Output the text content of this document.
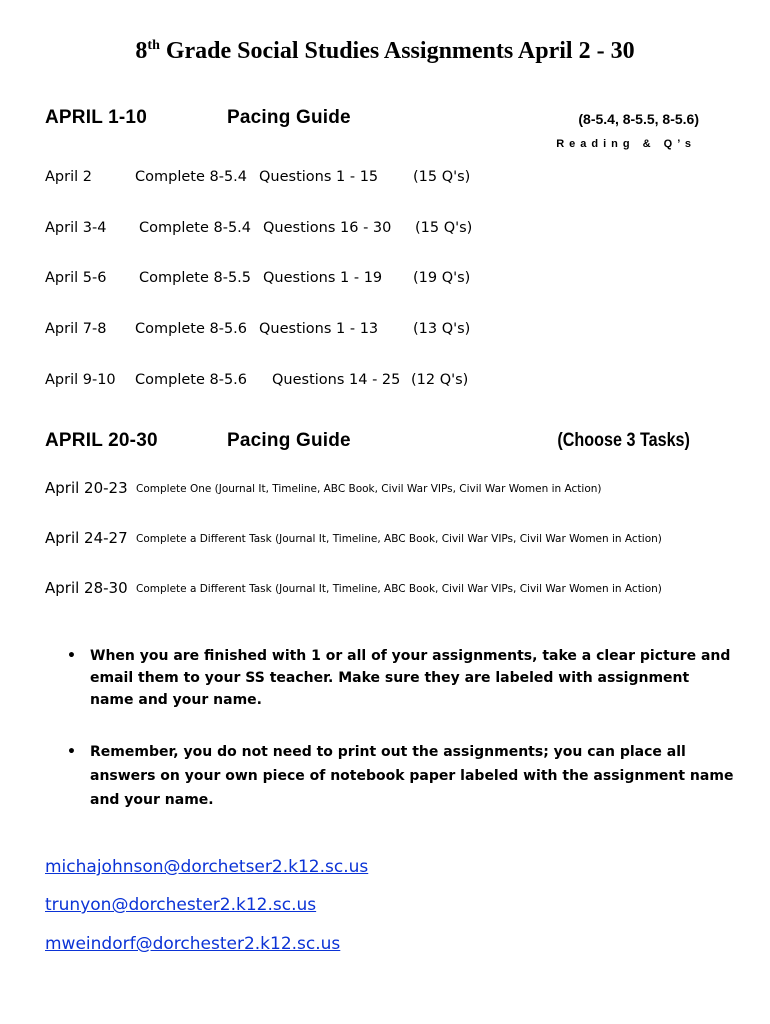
8th Grade Social Studies Assignments April 2 - 30
APRIL 1-10	Pacing Guide	(8-5.4, 8-5.5, 8-5.6)
Reading & Q’s
April 2	Complete 8-5.4 Questions 1 - 15 (15 Q's)
April 3-4 Complete 8-5.4 Questions 16 - 30 (15 Q's)
April 5-6 Complete 8-5.5 Questions 1 - 19 (19 Q's)
April 7-8 Complete 8-5.6 Questions 1 - 13 (13 Q's)
April 9-10 Complete 8-5.6 Questions 14 - 25 (12 Q's)
APRIL 20-30	Pacing Guide	(Choose 3 Tasks)
April 20-23 Complete One (Journal It, Timeline, ABC Book, Civil War VIPs, Civil War Women in Action)
April 24-27 Complete a Different Task (Journal It, Timeline, ABC Book, Civil War VIPs, Civil War Women in Action)
April 28-30 Complete a Different Task (Journal It, Timeline, ABC Book, Civil War VIPs, Civil War Women in Action)
• When you are finished with 1 or all of your assignments, take a clear picture and email them to your SS teacher. Make sure they are labeled with assignment name and your name.
• Remember, you do not need to print out the assignments; you can place all answers on your own piece of notebook paper labeled with the assignment name and your name.
michajohnson@dorchetser2.k12.sc.us
trunyon@dorchester2.k12.sc.us
mweindorf@dorchester2.k12.sc.us
